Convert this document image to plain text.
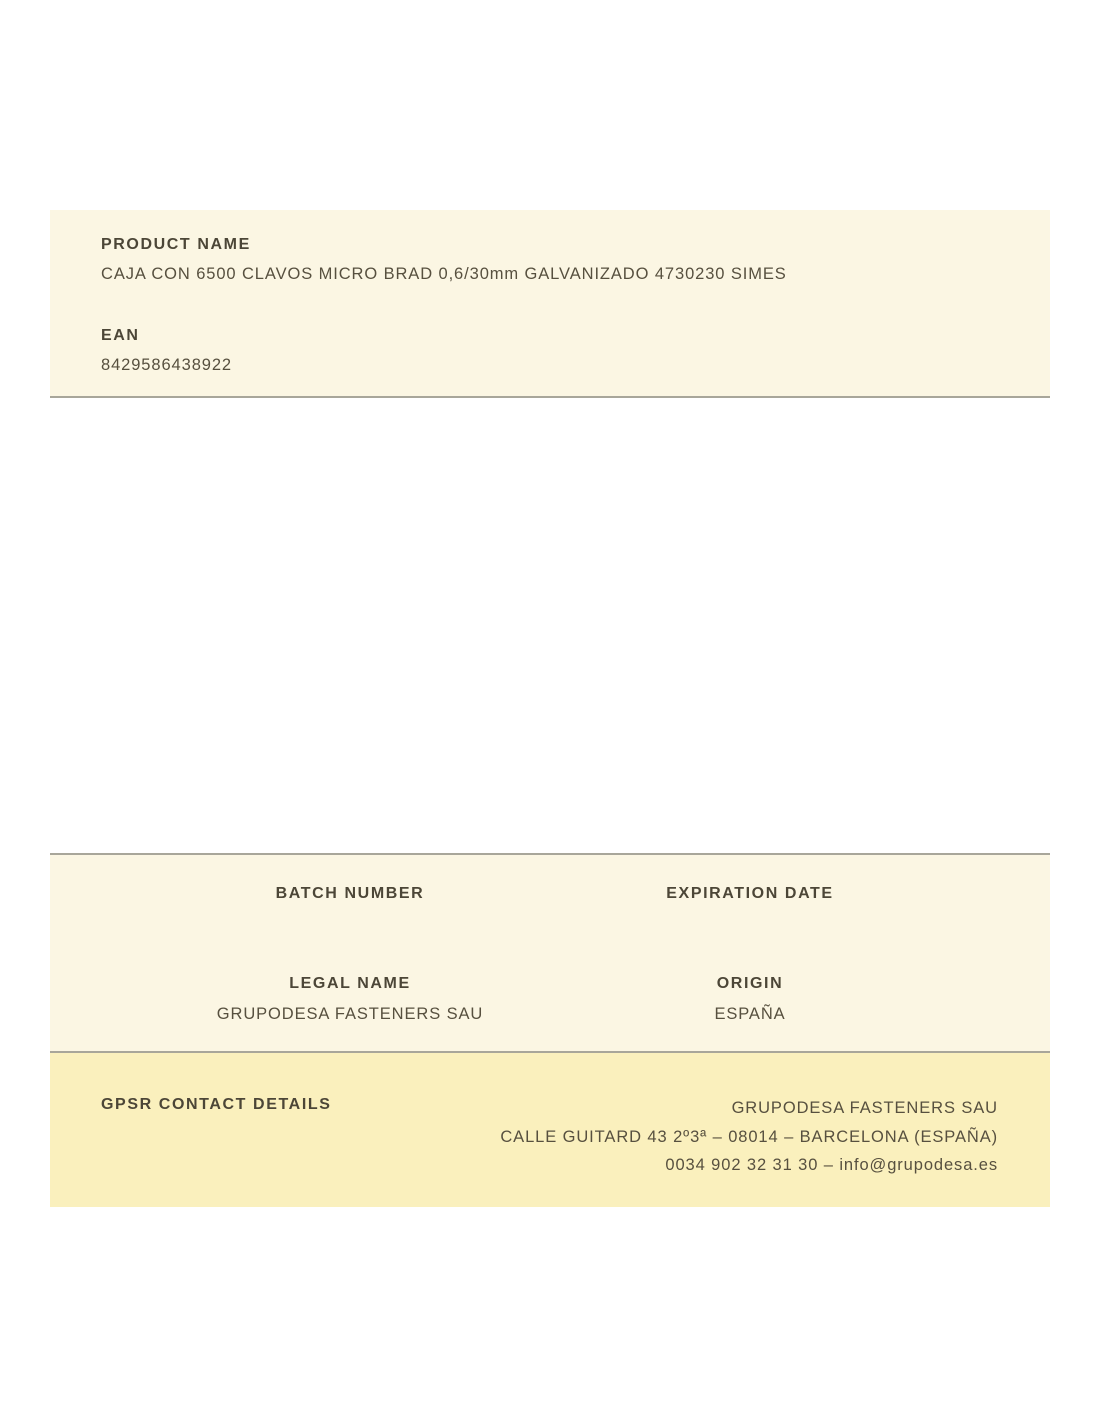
PRODUCT NAME
CAJA CON 6500 CLAVOS MICRO BRAD 0,6/30mm GALVANIZADO 4730230 SIMES
EAN
8429586438922
BATCH NUMBER	EXPIRATION DATE
LEGAL NAME	ORIGIN
GRUPODESA FASTENERS SAU	ESPAÑA
GPSR CONTACT DETAILS	GRUPODESA FASTENERS SAU
CALLE GUITARD 43 2º3ª – 08014 – BARCELONA (ESPAÑA)
0034 902 32 31 30 – info@grupodesa.es
